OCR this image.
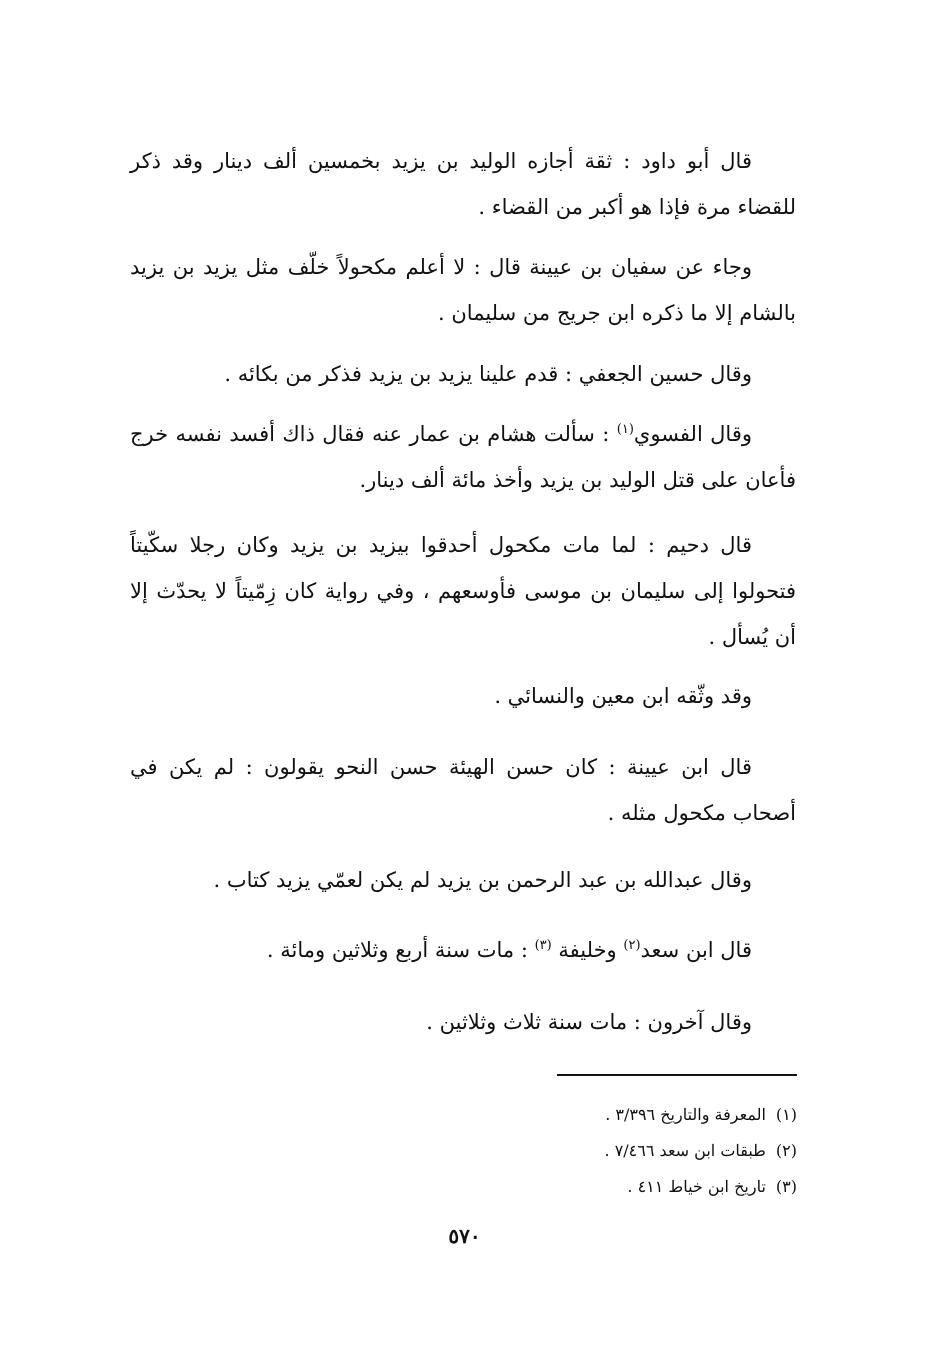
قال أبو داود : ثقة أجازه الوليد بن يزيد بخمسين ألف دينار وقد ذكر للقضاء مرة فإذا هو أكبر من القضاء .

وجاء عن سفيان بن عيينة قال : لا أعلم مكحولاً خلّف مثل يزيد بن يزيد بالشام إلا ما ذكره ابن جريج من سليمان .

وقال حسين الجعفي : قدم علينا يزيد بن يزيد فذكر من بكائه .

وقال الفسوي$^{(١)}$ : سألت هشام بن عمار عنه فقال ذاك أفسد نفسه خرج فأعان على قتل الوليد بن يزيد وأخذ مائة ألف دينار.

قال دحيم : لما مات مكحول أحدقوا بيزيد بن يزيد وكان رجلا سكّيتاً فتحولوا إلى سليمان بن موسى فأوسعهم ، وفي رواية كان زِمّيتاً لا يحدّث إلا أن يُسأل .

وقد وثّقه ابن معين والنسائي .

قال ابن عيينة : كان حسن الهيئة حسن النحو يقولون : لم يكن في أصحاب مكحول مثله .

وقال عبدالله بن عبد الرحمن بن يزيد لم يكن لعمّي يزيد كتاب .

قال ابن سعد$^{(٢)}$ وخليفة $^{(٣)}$ : مات سنة أربع وثلاثين ومائة .

وقال آخرون : مات سنة ثلاث وثلاثين .

(١)المعرفة والتاريخ ٣/٣٩٦ .
(٢)طبقات ابن سعد ٧/٤٦٦ .
(٣)تاريخ ابن خياط ٤١١ .
٥٧٠
